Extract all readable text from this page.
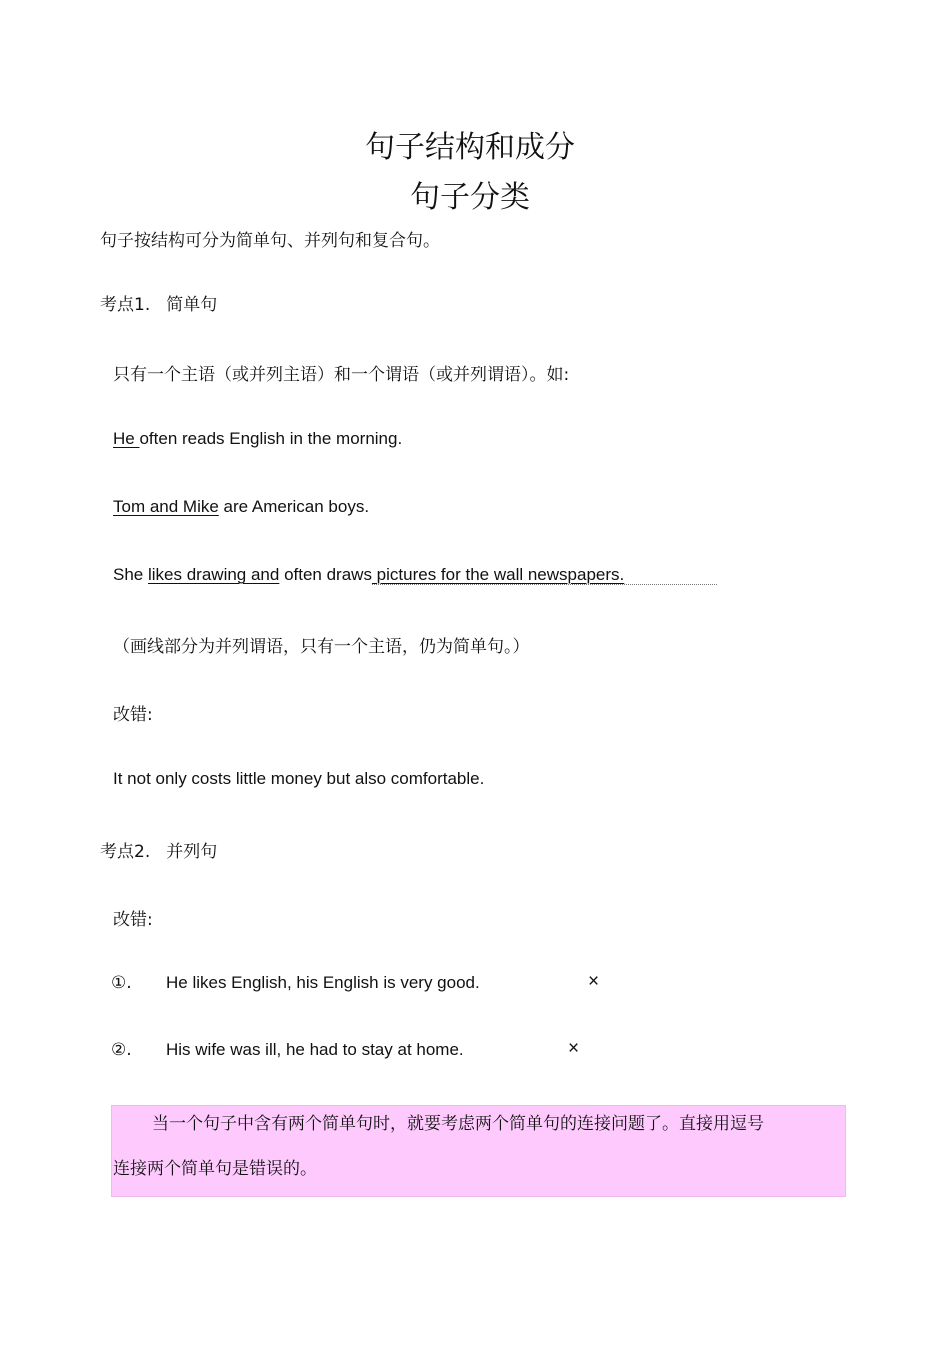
句子结构和成分
句子分类
句子按结构可分为简单句、并列句和复合句。
考点1. 简单句
只有一个主语（或并列主语）和一个谓语（或并列谓语）。如:
He often reads English in the morning.
Tom and Mike are American boys.
She likes drawing and often draws pictures for the wall newspapers.
（画线部分为并列谓语，只有一个主语，仍为简单句。）
改错:
It not only costs little money but also comfortable.
考点2. 并列句
改错:
①. He likes English, his English is very good.	×
②. His wife was ill, he had to stay at home.	×
当一个句子中含有两个简单句时，就要考虑两个简单句的连接问题了。直接用逗号
连接两个简单句是错误的。
